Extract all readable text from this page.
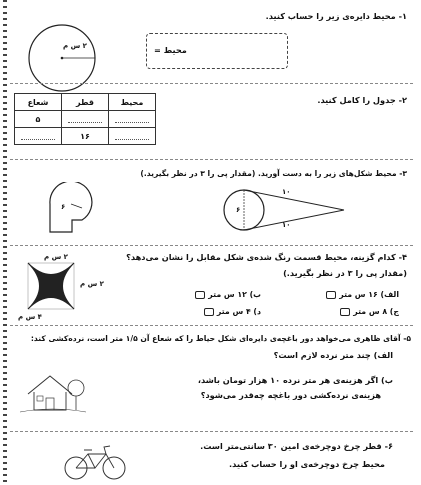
۱- محیط دایره‌ی زیر را حساب کنید.
۲ س م	محیط =
۲- جدول را کامل کنید.
محیط	قطر	شعاع
		۵
	۱۶	
۳- محیط شکل‌های زیر را به دست آورید. (مقدار پی را ۳ در نظر بگیرید.)
۶
۱۰
۱۰
۶
۴- کدام گزینه، محیط قسمت رنگ شده‌ی شکل مقابل را نشان می‌دهد؟
(مقدار پی را ۳ در نظر بگیرید.)
۲ س م
۲ س م
۴ س م
الف) ۱۶ س متر
ب) ۱۲ س متر
ج) ۸ س متر
د) ۴ س متر
۵- آقای ظاهری می‌خواهد دور باغچه‌ی دایره‌ای شکل حیاط را که شعاع آن ۱/۵ متر است، نرده‌کشی کند:
الف) چند متر نرده لازم است؟
ب) اگر هزینه‌ی هر متر نرده ۱۰ هزار تومان باشد،
هزینه‌ی نرده‌کشی دور باغچه چه‌قدر می‌شود؟
۶- قطر چرخ دوچرخه‌ی امین ۳۰ سانتی‌متر است.
محیط چرخ دوچرخه‌ی او را حساب کنید.
